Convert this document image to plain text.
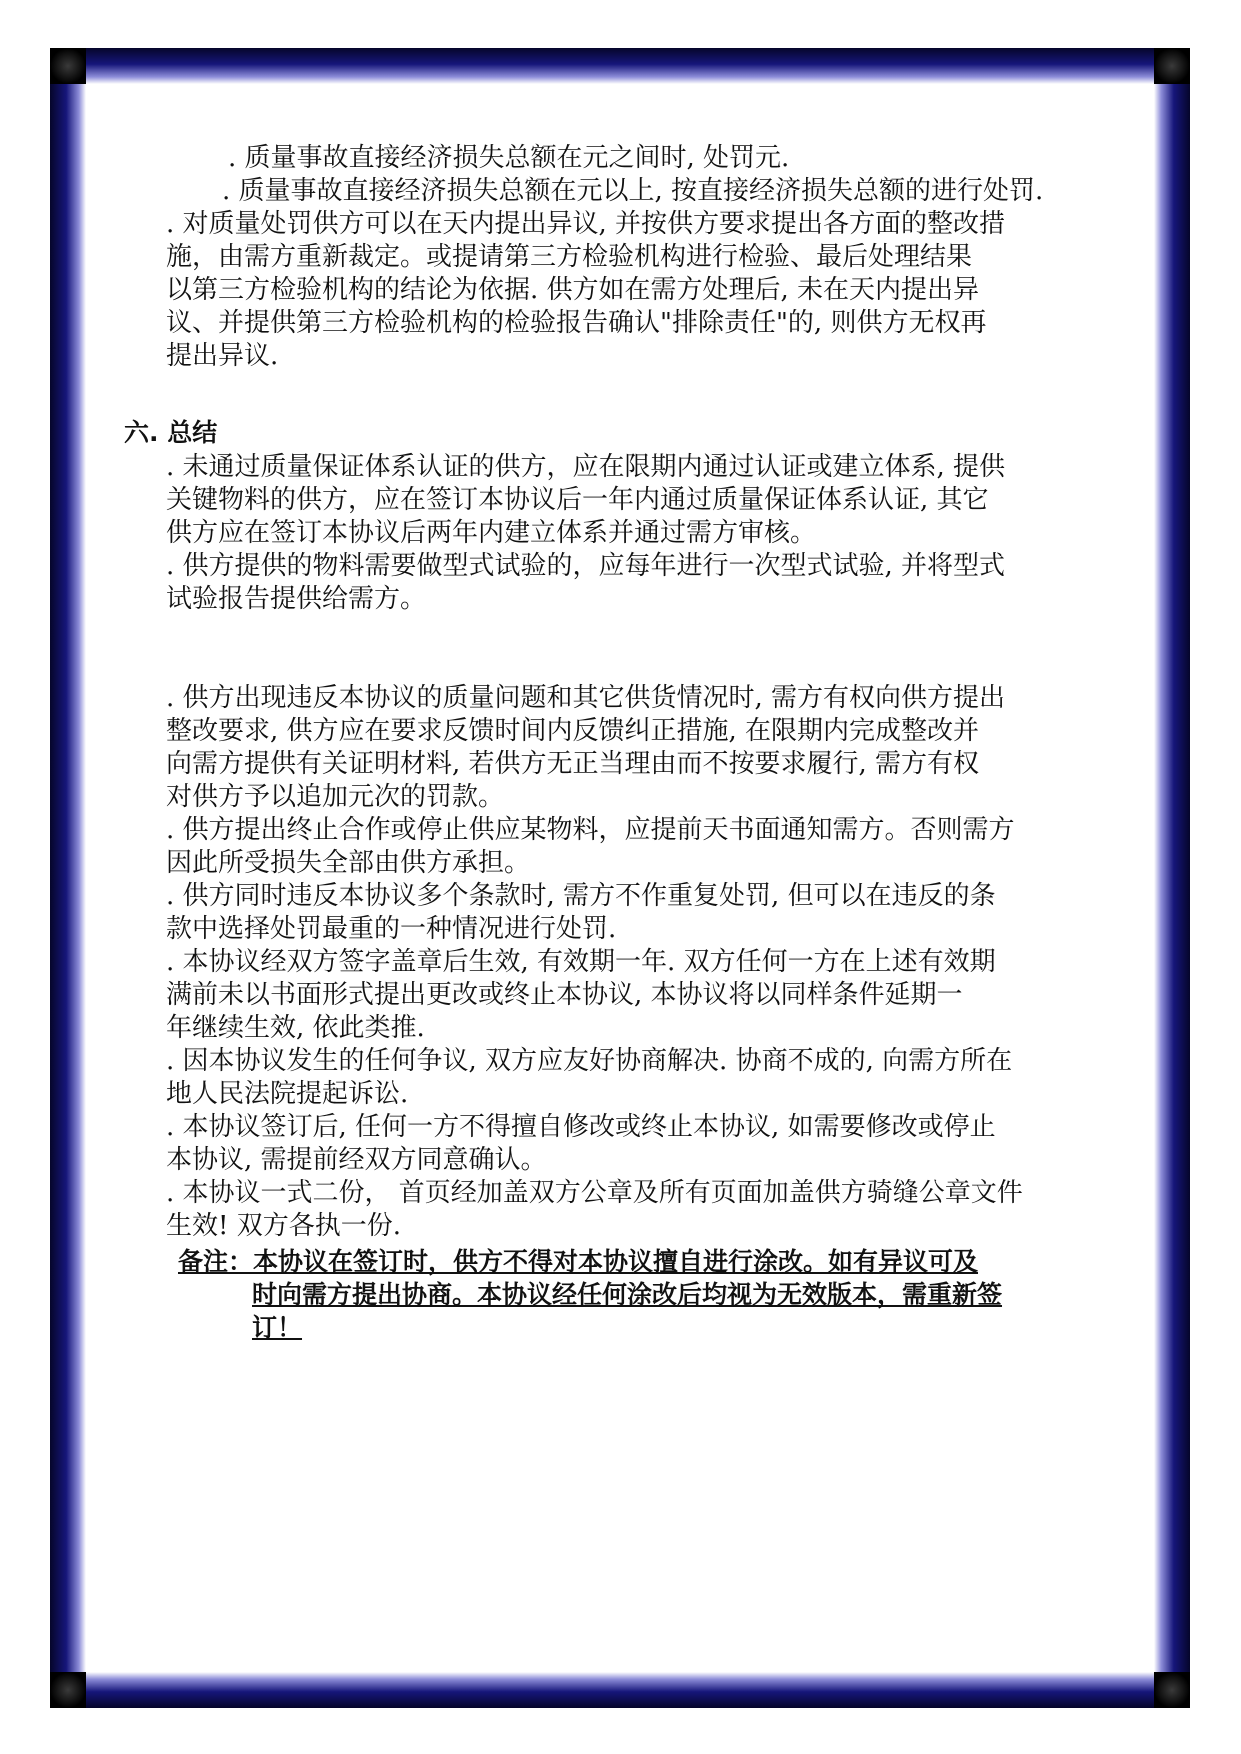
. 质量事故直接经济损失总额在元之间时, 处罚元.
. 质量事故直接经济损失总额在元以上, 按直接经济损失总额的进行处罚.

. 对质量处罚供方可以在天内提出异议, 并按供方要求提出各方面的整改措

施，由需方重新裁定。或提请第三方检验机构进行检验、最后处理结果

以第三方检验机构的结论为依据. 供方如在需方处理后, 未在天内提出异

议、并提供第三方检验机构的检验报告确认"排除责任"的, 则供方无权再

提出异议.

六. 总结

. 未通过质量保证体系认证的供方，应在限期内通过认证或建立体系, 提供

关键物料的供方，应在签订本协议后一年内通过质量保证体系认证, 其它

供方应在签订本协议后两年内建立体系并通过需方审核。

. 供方提供的物料需要做型式试验的，应每年进行一次型式试验, 并将型式

试验报告提供给需方。

. 供方出现违反本协议的质量问题和其它供货情况时, 需方有权向供方提出

整改要求, 供方应在要求反馈时间内反馈纠正措施, 在限期内完成整改并

向需方提供有关证明材料, 若供方无正当理由而不按要求履行, 需方有权

对供方予以追加元次的罚款。

. 供方提出终止合作或停止供应某物料，应提前天书面通知需方。否则需方

因此所受损失全部由供方承担。

. 供方同时违反本协议多个条款时, 需方不作重复处罚, 但可以在违反的条

款中选择处罚最重的一种情况进行处罚.

. 本协议经双方签字盖章后生效, 有效期一年. 双方任何一方在上述有效期

满前未以书面形式提出更改或终止本协议, 本协议将以同样条件延期一

年继续生效, 依此类推.

. 因本协议发生的任何争议, 双方应友好协商解决. 协商不成的, 向需方所在

地人民法院提起诉讼.

. 本协议签订后, 任何一方不得擅自修改或终止本协议, 如需要修改或停止

本协议, 需提前经双方同意确认。

. 本协议一式二份， 首页经加盖双方公章及所有页面加盖供方骑缝公章文件

生效! 双方各执一份.

备注：本协议在签订时，供方不得对本协议擅自进行涂改。如有异议可及
时向需方提出协商。本协议经任何涂改后均视为无效版本，需重新签
订！
